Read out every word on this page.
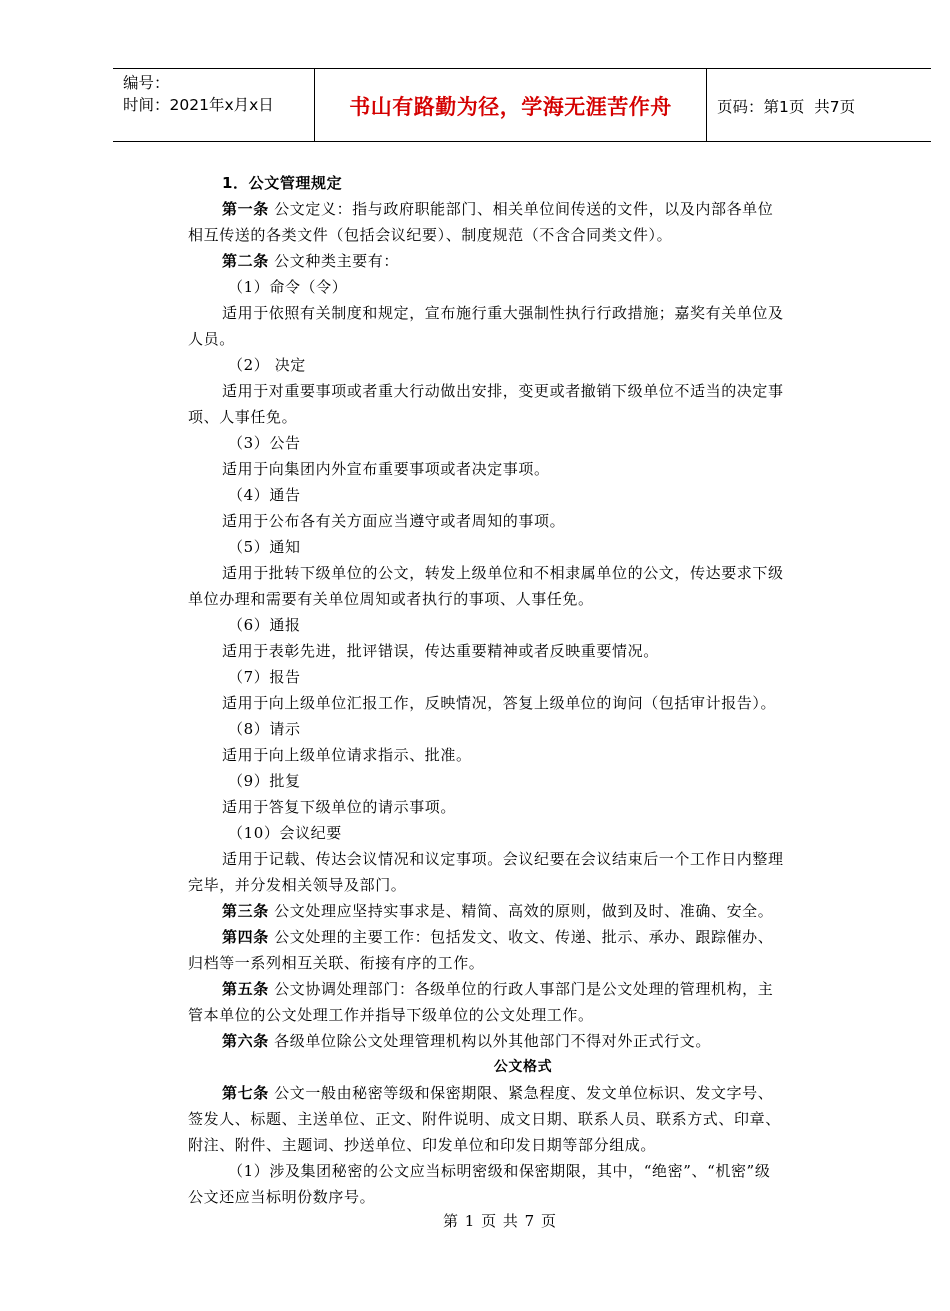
编号：
时间：2021年x月x日	书山有路勤为径，学海无涯苦作舟	页码：第1页  共7页
1．公文管理规定
第一条 公文定义：指与政府职能部门、相关单位间传送的文件，以及内部各单位
相互传送的各类文件（包括会议纪要）、制度规范（不含合同类文件）。
第二条 公文种类主要有：
（1）命令（令）
适用于依照有关制度和规定，宣布施行重大强制性执行行政措施；嘉奖有关单位及
人员。
（2） 决定
适用于对重要事项或者重大行动做出安排，变更或者撤销下级单位不适当的决定事
项、人事任免。
（3）公告
适用于向集团内外宣布重要事项或者决定事项。
（4）通告
适用于公布各有关方面应当遵守或者周知的事项。
（5）通知
适用于批转下级单位的公文，转发上级单位和不相隶属单位的公文，传达要求下级
单位办理和需要有关单位周知或者执行的事项、人事任免。
（6）通报
适用于表彰先进，批评错误，传达重要精神或者反映重要情况。
（7）报告
适用于向上级单位汇报工作，反映情况，答复上级单位的询问（包括审计报告）。
（8）请示
适用于向上级单位请求指示、批准。
（9）批复
适用于答复下级单位的请示事项。
（10）会议纪要
适用于记载、传达会议情况和议定事项。会议纪要在会议结束后一个工作日内整理
完毕，并分发相关领导及部门。
第三条 公文处理应坚持实事求是、精简、高效的原则，做到及时、准确、安全。
第四条 公文处理的主要工作：包括发文、收文、传递、批示、承办、跟踪催办、
归档等一系列相互关联、衔接有序的工作。
第五条 公文协调处理部门：各级单位的行政人事部门是公文处理的管理机构，主
管本单位的公文处理工作并指导下级单位的公文处理工作。
第六条 各级单位除公文处理管理机构以外其他部门不得对外正式行文。
公文格式
第七条 公文一般由秘密等级和保密期限、紧急程度、发文单位标识、发文字号、
签发人、标题、主送单位、正文、附件说明、成文日期、联系人员、联系方式、印章、
附注、附件、主题词、抄送单位、印发单位和印发日期等部分组成。
（1）涉及集团秘密的公文应当标明密级和保密期限，其中，“绝密”、“机密”级
公文还应当标明份数序号。
第 1 页 共 7 页
